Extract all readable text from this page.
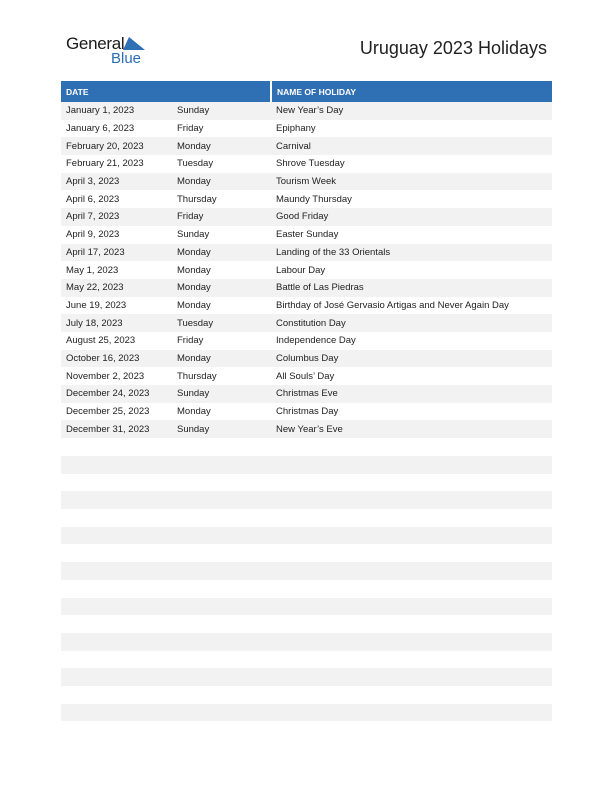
General
Blue
Uruguay 2023 Holidays
DATE		NAME OF HOLIDAY
January 1, 2023	Sunday	New Year’s Day
January 6, 2023	Friday	Epiphany
February 20, 2023	Monday	Carnival
February 21, 2023	Tuesday	Shrove Tuesday
April 3, 2023	Monday	Tourism Week
April 6, 2023	Thursday	Maundy Thursday
April 7, 2023	Friday	Good Friday
April 9, 2023	Sunday	Easter Sunday
April 17, 2023	Monday	Landing of the 33 Orientals
May 1, 2023	Monday	Labour Day
May 22, 2023	Monday	Battle of Las Piedras
June 19, 2023	Monday	Birthday of José Gervasio Artigas and Never Again Day
July 18, 2023	Tuesday	Constitution Day
August 25, 2023	Friday	Independence Day
October 16, 2023	Monday	Columbus Day
November 2, 2023	Thursday	All Souls’ Day
December 24, 2023	Sunday	Christmas Eve
December 25, 2023	Monday	Christmas Day
December 31, 2023	Sunday	New Year’s Eve
